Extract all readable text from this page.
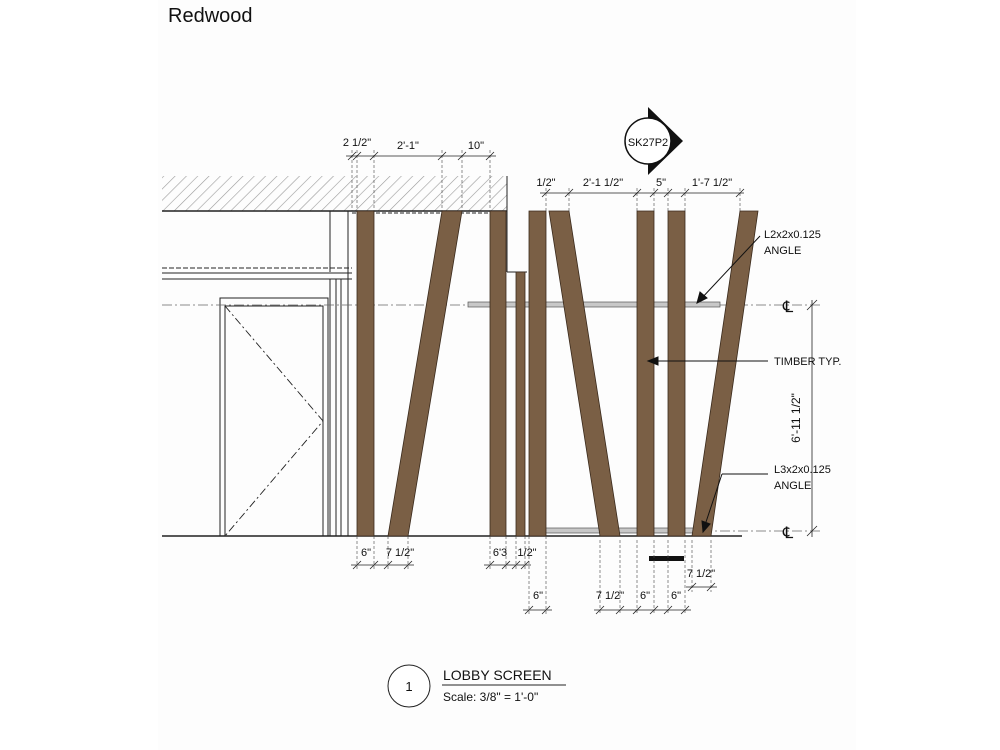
Redwood
SK27P2
2 1/2" 2'-1"	10"
1/2" 2'-1 1/2"	5" 1'-7 1/2"
6" 7 1/2"	6'3 1/2"
6"	7 1/2" 6" 6"
7 1/2"
6'-11 1/2"
℄
℄
L2x2x0.125
ANGLE
TIMBER TYP.
L3x2x0.125
ANGLE
1
LOBBY SCREEN
Scale: 3/8" = 1'-0"
